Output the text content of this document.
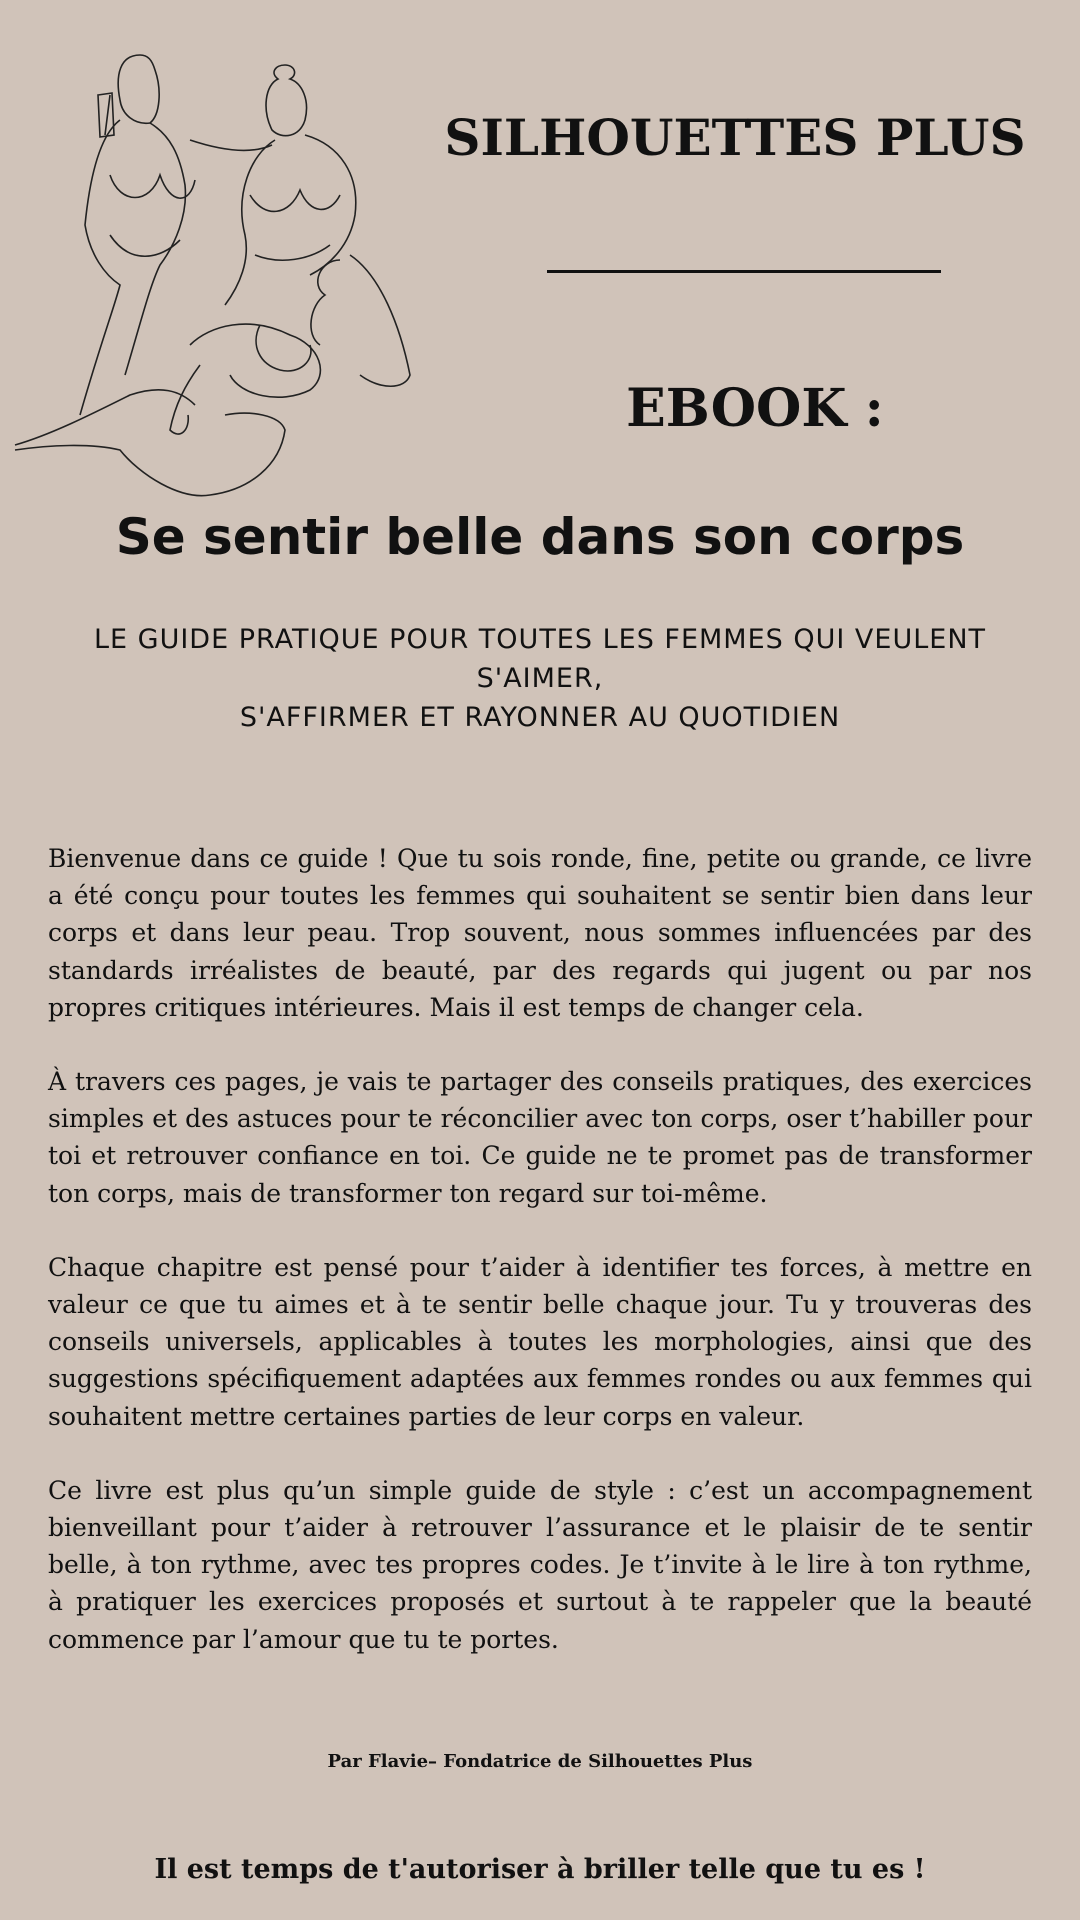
SILHOUETTES PLUS
EBOOK :
Se sentir belle dans son corps
LE GUIDE PRATIQUE POUR TOUTES LES FEMMES QUI VEULENT S'AIMER,
S'AFFIRMER ET RAYONNER AU QUOTIDIEN

Bienvenue dans ce guide ! Que tu sois ronde, fine, petite ou grande, ce livre a été conçu pour toutes les femmes qui souhaitent se sentir bien dans leur corps et dans leur peau. Trop souvent, nous sommes influencées par des standards irréalistes de beauté, par des regards qui jugent ou par nos propres critiques intérieures. Mais il est temps de changer cela.

À travers ces pages, je vais te partager des conseils pratiques, des exercices simples et des astuces pour te réconcilier avec ton corps, oser t’habiller pour toi et retrouver confiance en toi. Ce guide ne te promet pas de transformer ton corps, mais de transformer ton regard sur toi-même.

Chaque chapitre est pensé pour t’aider à identifier tes forces, à mettre en valeur ce que tu aimes et à te sentir belle chaque jour. Tu y trouveras des conseils universels, applicables à toutes les morphologies, ainsi que des suggestions spécifiquement adaptées aux femmes rondes ou aux femmes qui souhaitent mettre certaines parties de leur corps en valeur.

Ce livre est plus qu’un simple guide de style : c’est un accompagnement bienveillant pour t’aider à retrouver l’assurance et le plaisir de te sentir belle, à ton rythme, avec tes propres codes. Je t’invite à le lire à ton rythme, à pratiquer les exercices proposés et surtout à te rappeler que la beauté commence par l’amour que tu te portes.

Par Flavie– Fondatrice de Silhouettes Plus
Il est temps de t'autoriser à briller telle que tu es !
